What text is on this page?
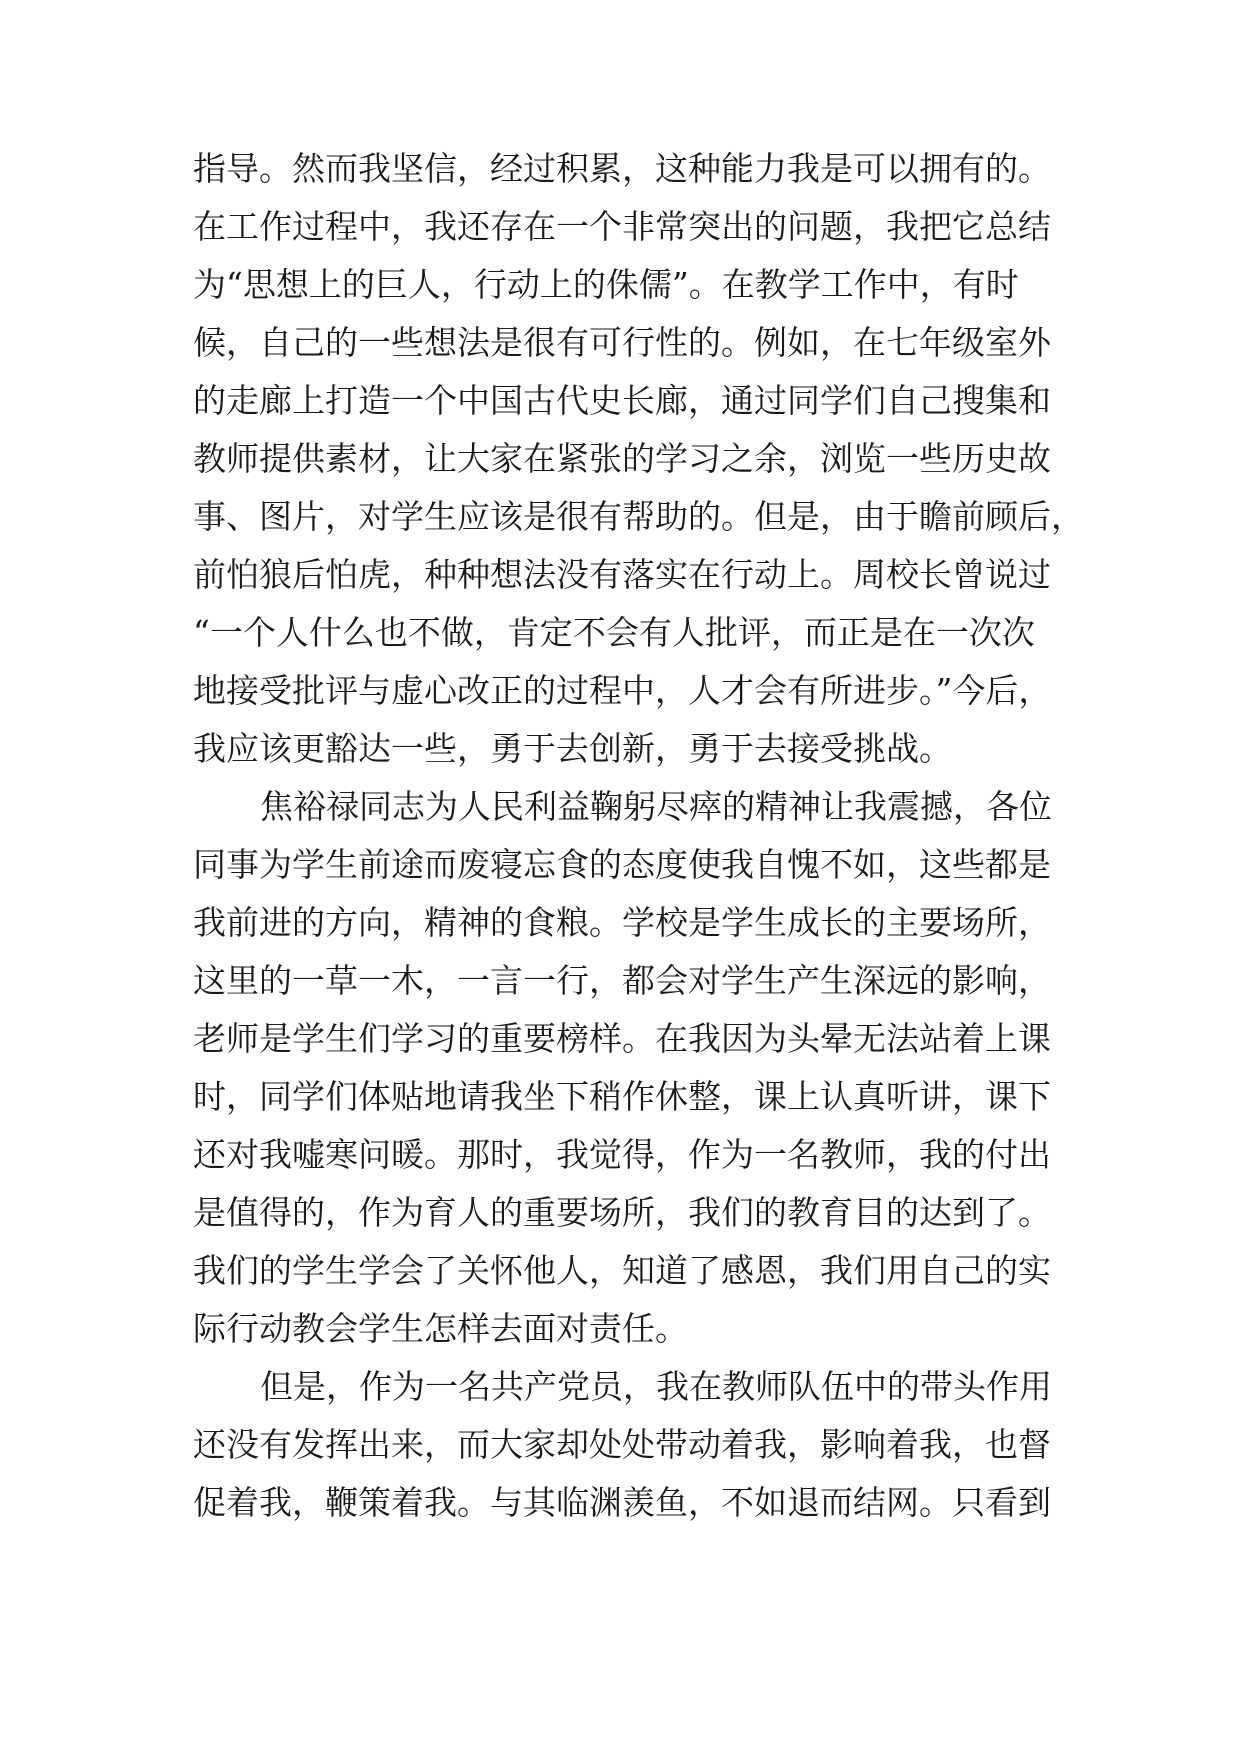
指导。然而我坚信，经过积累，这种能力我是可以拥有的。
在工作过程中，我还存在一个非常突出的问题，我把它总结
为“思想上的巨人，行动上的侏儒”。在教学工作中，有时
候，自己的一些想法是很有可行性的。例如，在七年级室外
的走廊上打造一个中国古代史长廊，通过同学们自己搜集和
教师提供素材，让大家在紧张的学习之余，浏览一些历史故
事、图片，对学生应该是很有帮助的。但是，由于瞻前顾后，
前怕狼后怕虎，种种想法没有落实在行动上。周校长曾说过
“一个人什么也不做，肯定不会有人批评，而正是在一次次
地接受批评与虚心改正的过程中，人才会有所进步。”今后，
我应该更豁达一些，勇于去创新，勇于去接受挑战。
焦裕禄同志为人民利益鞠躬尽瘁的精神让我震撼，各位
同事为学生前途而废寝忘食的态度使我自愧不如，这些都是
我前进的方向，精神的食粮。学校是学生成长的主要场所，
这里的一草一木，一言一行，都会对学生产生深远的影响，
老师是学生们学习的重要榜样。在我因为头晕无法站着上课
时，同学们体贴地请我坐下稍作休整，课上认真听讲，课下
还对我嘘寒问暖。那时，我觉得，作为一名教师，我的付出
是值得的，作为育人的重要场所，我们的教育目的达到了。
我们的学生学会了关怀他人，知道了感恩，我们用自己的实
际行动教会学生怎样去面对责任。
但是，作为一名共产党员，我在教师队伍中的带头作用
还没有发挥出来，而大家却处处带动着我，影响着我，也督
促着我，鞭策着我。与其临渊羡鱼，不如退而结网。只看到
